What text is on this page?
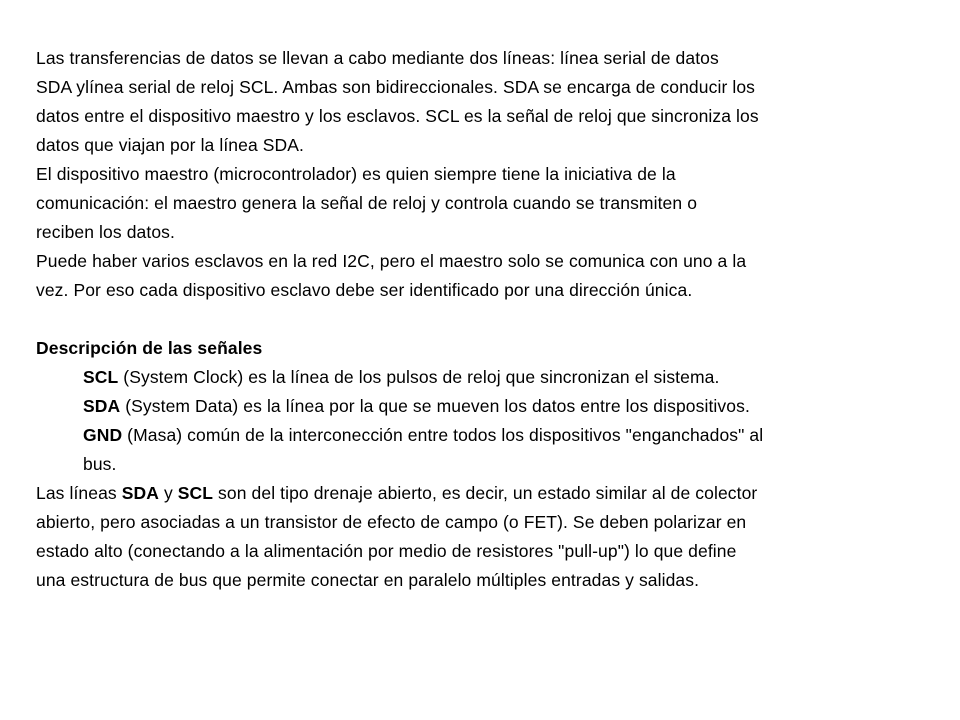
Las transferencias de datos se llevan a cabo mediante dos líneas: línea serial de datos
SDA ylínea serial de reloj SCL. Ambas son bidireccionales. SDA se encarga de conducir los
datos entre el dispositivo maestro y los esclavos. SCL es la señal de reloj que sincroniza los
datos que viajan por la línea SDA.
El dispositivo maestro (microcontrolador) es quien siempre tiene la iniciativa de la
comunicación: el maestro genera la señal de reloj y controla cuando se transmiten o
reciben los datos.
Puede haber varios esclavos en la red I2C, pero el maestro solo se comunica con uno a la
vez. Por eso cada dispositivo esclavo debe ser identificado por una dirección única.
Descripción de las señales
SCL (System Clock) es la línea de los pulsos de reloj que sincronizan el sistema.
SDA (System Data) es la línea por la que se mueven los datos entre los dispositivos.
GND (Masa) común de la interconección entre todos los dispositivos "enganchados" al
bus.
Las líneas SDA y SCL son del tipo drenaje abierto, es decir, un estado similar al de colector
abierto, pero asociadas a un transistor de efecto de campo (o FET). Se deben polarizar en
estado alto (conectando a la alimentación por medio de resistores "pull-up") lo que define
una estructura de bus que permite conectar en paralelo múltiples entradas y salidas.
